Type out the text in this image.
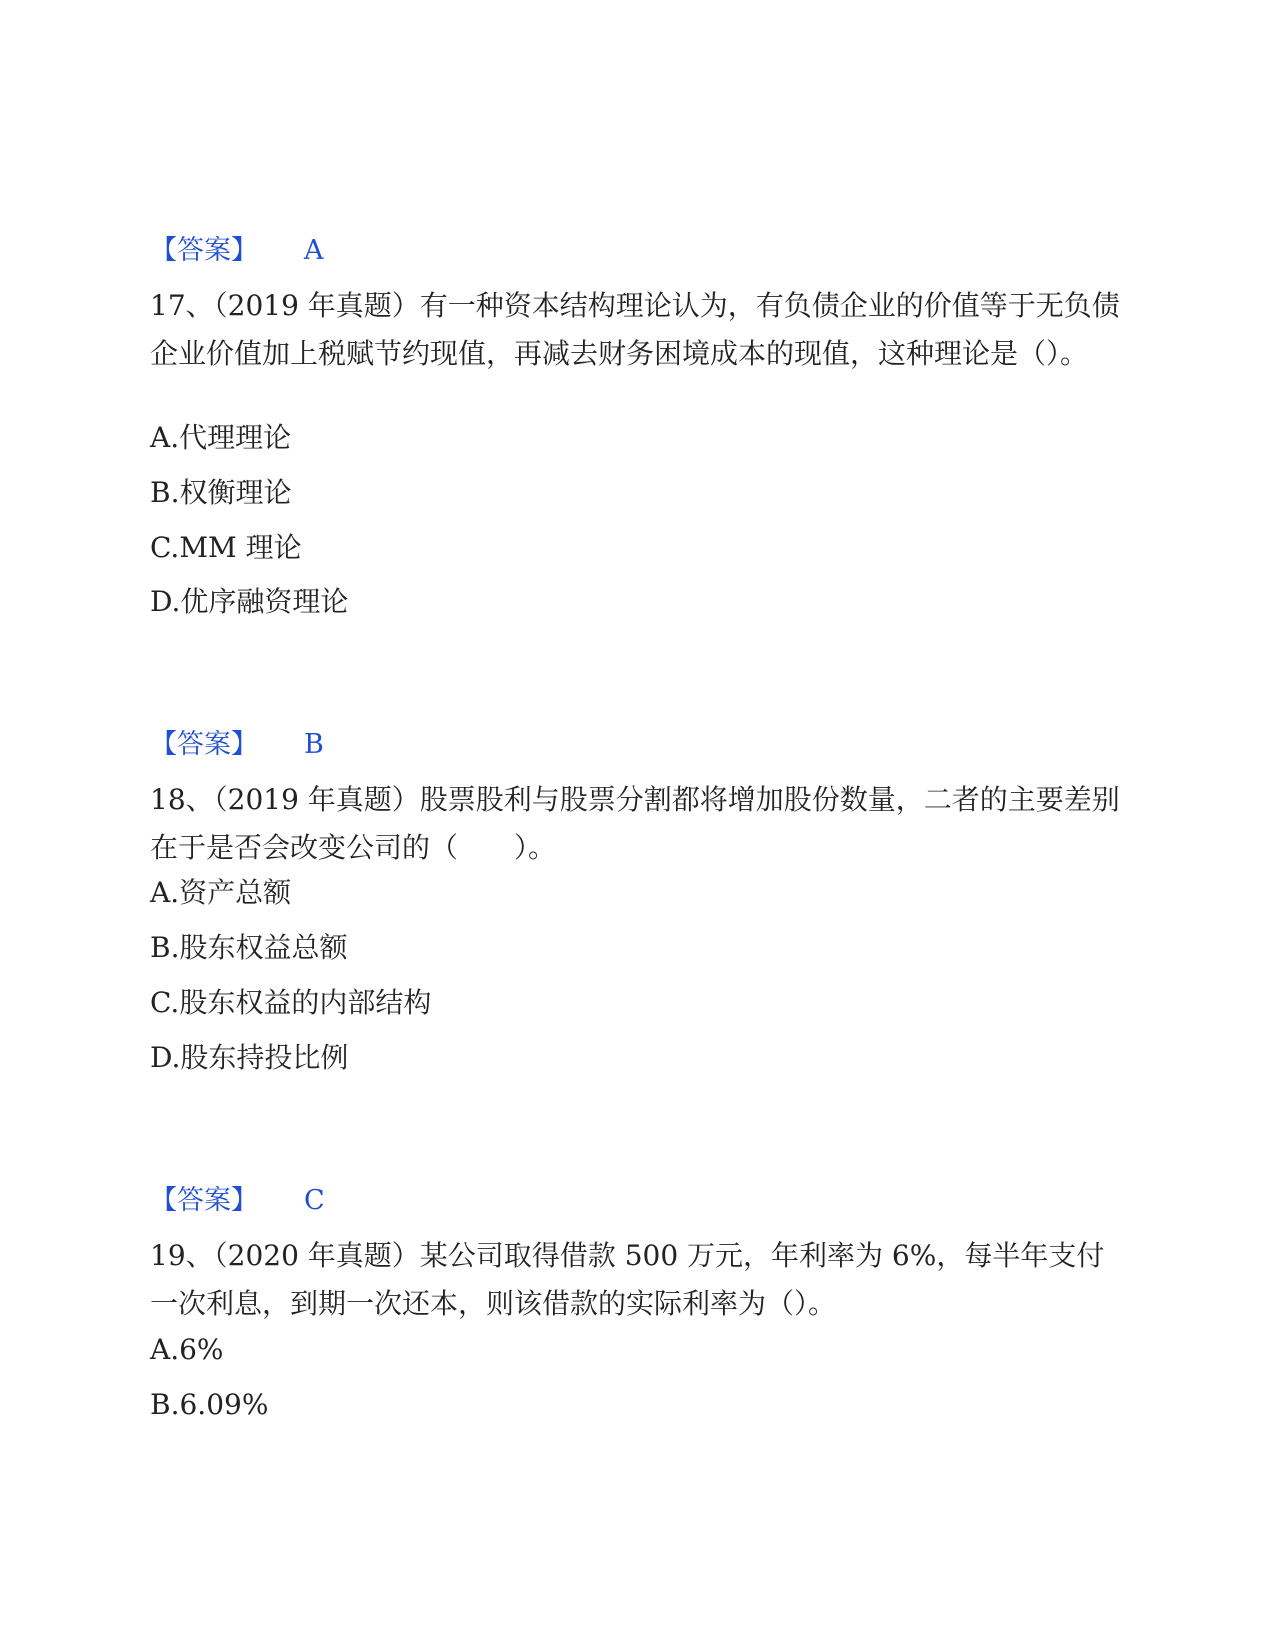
【答案】 A
17、（2019 年真题）有一种资本结构理论认为，有负债企业的价值等于无负债企业价值加上税赋节约现值，再减去财务困境成本的现值，这种理论是（）。
A.代理理论
B.权衡理论
C.MM 理论
D.优序融资理论
【答案】 B
18、（2019 年真题）股票股利与股票分割都将增加股份数量，二者的主要差别在于是否会改变公司的（　　）。
A.资产总额
B.股东权益总额
C.股东权益的内部结构
D.股东持投比例
【答案】 C
19、（2020 年真题）某公司取得借款 500 万元，年利率为 6%，每半年支付一次利息，到期一次还本，则该借款的实际利率为（）。
A.6%
B.6.09%
